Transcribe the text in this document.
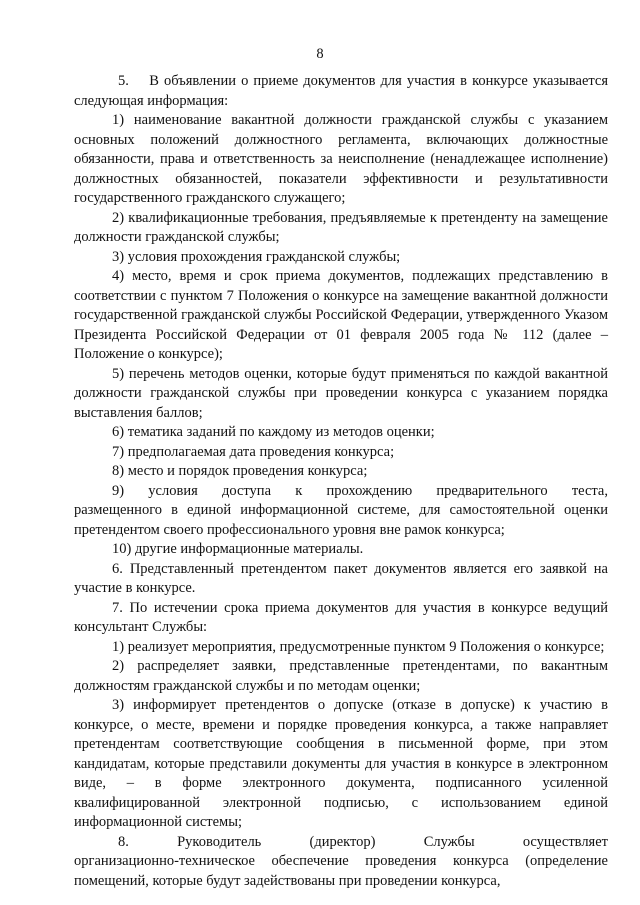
8

5.    В объявлении о приеме документов для участия в конкурсе указывается следующая информация:

1) наименование вакантной должности гражданской службы с указанием основных положений должностного регламента, включающих должностные обязанности, права и ответственность за неисполнение (ненадлежащее исполнение) должностных обязанностей, показатели эффективности и результативности государственного гражданского служащего;

2) квалификационные требования, предъявляемые к претенденту на замещение должности гражданской службы;

3) условия прохождения гражданской службы;

4) место, время и срок приема документов, подлежащих представлению в соответствии с пунктом 7 Положения о конкурсе на замещение вакантной должности государственной гражданской службы Российской Федерации, утвержденного Указом Президента Российской Федерации от 01 февраля 2005 года № 112 (далее – Положение о конкурсе);

5) перечень методов оценки, которые будут применяться по каждой вакантной должности гражданской службы при проведении конкурса с указанием порядка выставления баллов;

6) тематика заданий по каждому из методов оценки;

7) предполагаемая дата проведения конкурса;

8) место и порядок проведения конкурса;

9)    условия    доступа    к    прохождению    предварительного    теста, размещенного в единой информационной системе, для самостоятельной оценки претендентом своего профессионального уровня вне рамок конкурса;

10) другие информационные материалы.

6. Представленный претендентом пакет документов является его заявкой на участие в конкурсе.

7. По истечении срока приема документов для участия в конкурсе ведущий консультант Службы:

1) реализует мероприятия, предусмотренные пунктом 9 Положения о конкурсе;

2) распределяет заявки, представленные претендентами, по вакантным должностям гражданской службы и по методам оценки;

3) информирует претендентов о допуске (отказе в допуске) к участию в конкурсе, о месте, времени и порядке проведения конкурса, а также направляет претендентам соответствующие сообщения в письменной форме, при этом кандидатам, которые представили документы для участия в конкурсе в электронном виде, – в форме электронного документа, подписанного усиленной квалифицированной электронной подписью, с использованием единой информационной системы;

8.        Руководитель        (директор)        Службы        осуществляет организационно-техническое обеспечение проведения конкурса (определение помещений, которые будут задействованы при проведении конкурса,
